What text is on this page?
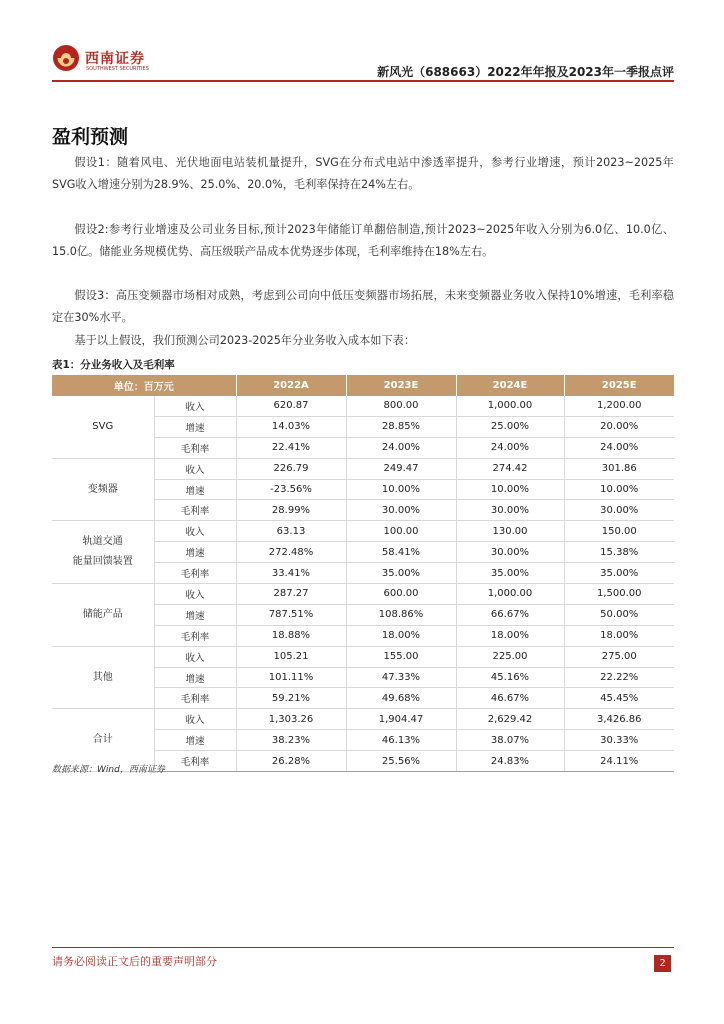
西南证券
SOUTHWEST SECURITIES	新风光（688663）2022年年报及2023年一季报点评
盈利预测

假设1：随着风电、光伏地面电站装机量提升，SVG在分布式电站中渗透率提升，参考行业增速，预计2023~2025年SVG收入增速分别为28.9%、25.0%、20.0%，毛利率保持在24%左右。

假设2:参考行业增速及公司业务目标,预计2023年储能订单翻倍制造,预计2023~2025年收入分别为6.0亿、10.0亿、15.0亿。储能业务规模优势、高压级联产品成本优势逐步体现，毛利率维持在18%左右。

假设3：高压变频器市场相对成熟，考虑到公司向中低压变频器市场拓展，未来变频器业务收入保持10%增速，毛利率稳定在30%水平。

基于以上假设，我们预测公司2023-2025年分业务收入成本如下表：

表1：分业务收入及毛利率
单位：百万元		2022A	2023E	2024E	2025E
SVG	收入	620.87	800.00	1,000.00	1,200.00
	增速	14.03%	28.85%	25.00%	20.00%
	毛利率	22.41%	24.00%	24.00%	24.00%
变频器	收入	226.79	249.47	274.42	301.86
	增速	-23.56%	10.00%	10.00%	10.00%
	毛利率	28.99%	30.00%	30.00%	30.00%
轨道交通
能量回馈装置	收入	63.13	100.00	130.00	150.00
	增速	272.48%	58.41%	30.00%	15.38%
	毛利率	33.41%	35.00%	35.00%	35.00%
储能产品	收入	287.27	600.00	1,000.00	1,500.00
	增速	787.51%	108.86%	66.67%	50.00%
	毛利率	18.88%	18.00%	18.00%	18.00%
其他	收入	105.21	155.00	225.00	275.00
	增速	101.11%	47.33%	45.16%	22.22%
	毛利率	59.21%	49.68%	46.67%	45.45%
合计	收入	1,303.26	1,904.47	2,629.42	3,426.86
	增速	38.23%	46.13%	38.07%	30.33%
	毛利率	26.28%	25.56%	24.83%	24.11%
数据来源：Wind，西南证券
请务必阅读正文后的重要声明部分	2
